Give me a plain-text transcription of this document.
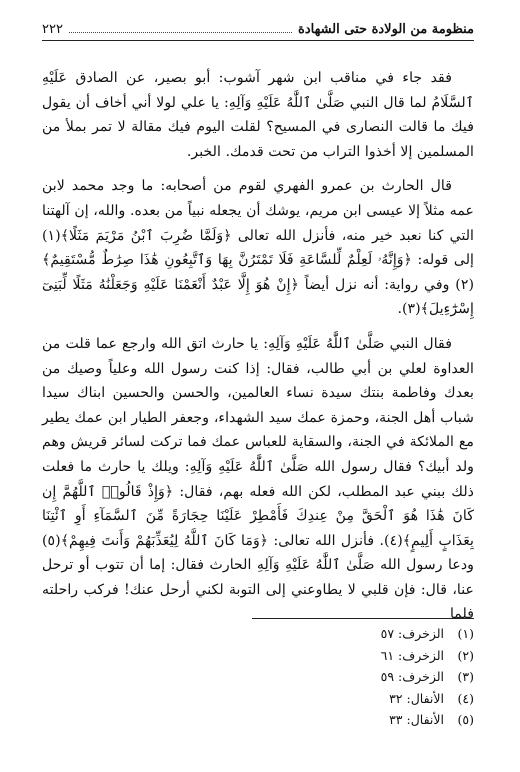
منظومة من الولادة حتى الشهادة
٢٢٢

فقد جاء في مناقب ابن شهر آشوب: أبو بصير، عن الصادق عَلَيْهِ ٱلسَّلَامُ لما قال النبي صَلَّىٰ ٱللَّٰهُ عَلَيْهِ وَآلِهِ: يا علي لولا أني أخاف أن يقول فيك ما قالت النصارى في المسيح؟ لقلت اليوم فيك مقالة لا تمر بملأ من المسلمين إلا أخذوا التراب من تحت قدمك. الخبر.

قال الحارث بن عمرو الفهري لقوم من أصحابه: ما وجد محمد لابن عمه مثلاً إلا عيسى ابن مريم، يوشك أن يجعله نبياً من بعده. والله، إن آلهتنا التي كنا نعبد خير منه، فأنزل الله تعالى ﴿وَلَمَّا ضُرِبَ ٱبْنُ مَرْيَمَ مَثَلًا﴾(١) إلى قوله: ﴿وَإِنَّهُۥ لَعِلْمٌ لِّلسَّاعَةِ فَلَا تَمْتَرُنَّ بِهَا وَٱتَّبِعُونِ هَٰذَا صِرَٰطٌ مُّسْتَقِيمٌ﴾(٢) وفي رواية: أنه نزل أيضاً ﴿إِنْ هُوَ إِلَّا عَبْدٌ أَنْعَمْنَا عَلَيْهِ وَجَعَلْنَٰهُ مَثَلًا لِّبَنِىٓ إِسْرَٰٓءِيلَ﴾(٣).

فقال النبي صَلَّىٰ ٱللَّٰهُ عَلَيْهِ وَآلِهِ: يا حارث اتق الله وارجع عما قلت من العداوة لعلي بن أبي طالب، فقال: إذا كنت رسول الله وعلياً وصيك من بعدك وفاطمة بنتك سيدة نساء العالمين، والحسن والحسين ابناك سيدا شباب أهل الجنة، وحمزة عمك سيد الشهداء، وجعفر الطيار ابن عمك يطير مع الملائكة في الجنة، والسقاية للعباس عمك فما تركت لسائر قريش وهم ولد أبيك؟ فقال رسول الله صَلَّىٰ ٱللَّٰهُ عَلَيْهِ وَآلِهِ: ويلك يا حارث ما فعلت ذلك ببني عبد المطلب، لكن الله فعله بهم، فقال: ﴿وَإِذْ قَالُوا۟ ٱللَّهُمَّ إِن كَانَ هَٰذَا هُوَ ٱلْحَقَّ مِنْ عِندِكَ فَأَمْطِرْ عَلَيْنَا حِجَارَةً مِّنَ ٱلسَّمَآءِ أَوِ ٱئْتِنَا بِعَذَابٍ أَلِيمٍ﴾(٤). فأنزل الله تعالى: ﴿وَمَا كَانَ ٱللَّهُ لِيُعَذِّبَهُمْ وَأَنتَ فِيهِمْ﴾(٥) ودعا رسول الله صَلَّىٰ ٱللَّٰهُ عَلَيْهِ وَآلِهِ الحارث فقال: إما أن تتوب أو ترحل عنا، قال: فإن قلبي لا يطاوعني إلى التوبة لكني أرحل عنك! فركب راحلته فلما

(١)
الزخرف: ٥٧
(٢)
الزخرف: ٦١
(٣)
الزخرف: ٥٩
(٤)
الأنفال: ٣٢
(٥)
الأنفال: ٣٣
